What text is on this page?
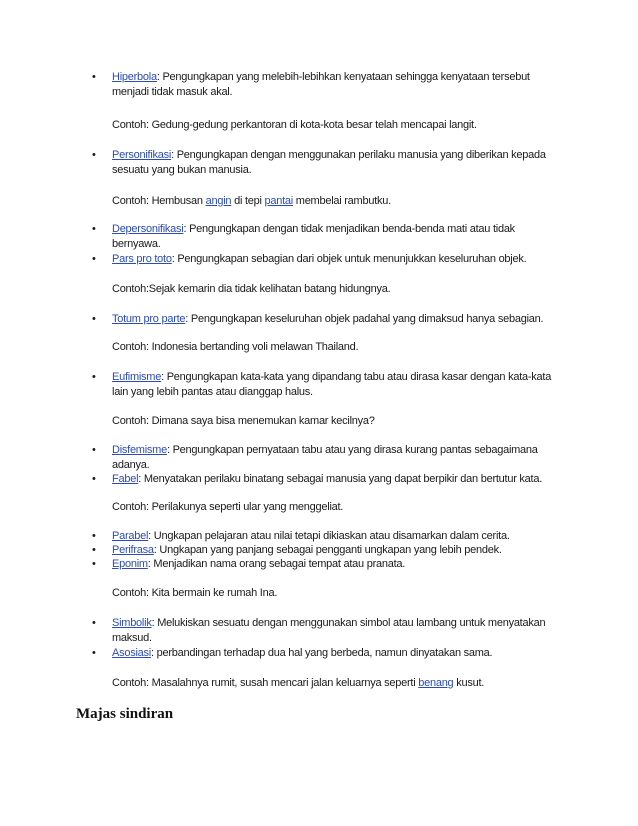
• Hiperbola: Pengungkapan yang melebih-lebihkan kenyataan sehingga kenyataan tersebut menjadi tidak masuk akal.
Contoh: Gedung-gedung perkantoran di kota-kota besar telah mencapai langit.
• Personifikasi: Pengungkapan dengan menggunakan perilaku manusia yang diberikan kepada sesuatu yang bukan manusia.
Contoh: Hembusan angin di tepi pantai membelai rambutku.
• Depersonifikasi: Pengungkapan dengan tidak menjadikan benda-benda mati atau tidak bernyawa.
• Pars pro toto: Pengungkapan sebagian dari objek untuk menunjukkan keseluruhan objek.
Contoh:Sejak kemarin dia tidak kelihatan batang hidungnya.
• Totum pro parte: Pengungkapan keseluruhan objek padahal yang dimaksud hanya sebagian.
Contoh: Indonesia bertanding voli melawan Thailand.
• Eufimisme: Pengungkapan kata-kata yang dipandang tabu atau dirasa kasar dengan kata-kata lain yang lebih pantas atau dianggap halus.
Contoh: Dimana saya bisa menemukan kamar kecilnya?
• Disfemisme: Pengungkapan pernyataan tabu atau yang dirasa kurang pantas sebagaimana adanya.
• Fabel: Menyatakan perilaku binatang sebagai manusia yang dapat berpikir dan bertutur kata.
Contoh: Perilakunya seperti ular yang menggeliat.
• Parabel: Ungkapan pelajaran atau nilai tetapi dikiaskan atau disamarkan dalam cerita.
• Perifrasa: Ungkapan yang panjang sebagai pengganti ungkapan yang lebih pendek.
• Eponim: Menjadikan nama orang sebagai tempat atau pranata.
Contoh: Kita bermain ke rumah Ina.
• Simbolik: Melukiskan sesuatu dengan menggunakan simbol atau lambang untuk menyatakan maksud.
• Asosiasi: perbandingan terhadap dua hal yang berbeda, namun dinyatakan sama.
Contoh: Masalahnya rumit, susah mencari jalan keluarnya seperti benang kusut.
Majas sindiran
